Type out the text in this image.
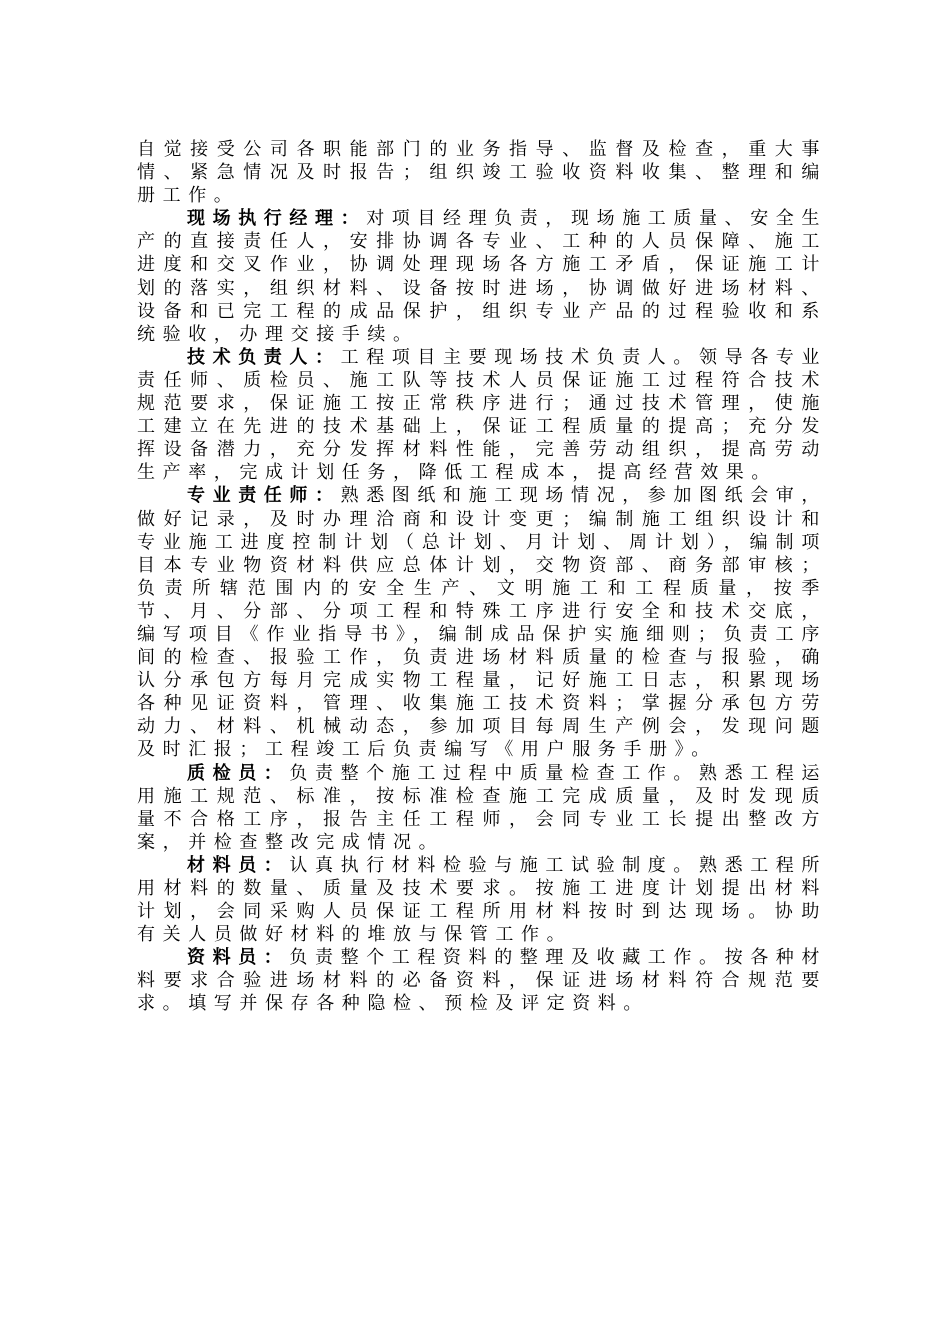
自觉接受公司各职能部门的业务指导、监督及检查，重大事情、紧急情况及时报告；组织竣工验收资料收集、整理和编册工作。

现场执行经理：对项目经理负责，现场施工质量、安全生产的直接责任人，安排协调各专业、工种的人员保障、施工进度和交叉作业，协调处理现场各方施工矛盾，保证施工计划的落实，组织材料、设备按时进场，协调做好进场材料、设备和已完工程的成品保护，组织专业产品的过程验收和系统验收，办理交接手续。

技术负责人：工程项目主要现场技术负责人。领导各专业责任师、质检员、施工队等技术人员保证施工过程符合技术规范要求，保证施工按正常秩序进行；通过技术管理，使施工建立在先进的技术基础上，保证工程质量的提高；充分发挥设备潜力，充分发挥材料性能，完善劳动组织，提高劳动生产率，完成计划任务，降低工程成本，提高经营效果。

专业责任师：熟悉图纸和施工现场情况，参加图纸会审，做好记录，及时办理洽商和设计变更；编制施工组织设计和专业施工进度控制计划（总计划、月计划、周计划），编制项目本专业物资材料供应总体计划，交物资部、商务部审核；负责所辖范围内的安全生产、文明施工和工程质量，按季节、月、分部、分项工程和特殊工序进行安全和技术交底，编写项目《作业指导书》，编制成品保护实施细则；负责工序间的检查、报验工作，负责进场材料质量的检查与报验，确认分承包方每月完成实物工程量，记好施工日志，积累现场各种见证资料，管理、收集施工技术资料；掌握分承包方劳动力、材料、机械动态，参加项目每周生产例会，发现问题及时汇报；工程竣工后负责编写《用户服务手册》。

质检员：负责整个施工过程中质量检查工作。熟悉工程运用施工规范、标准，按标准检查施工完成质量，及时发现质量不合格工序，报告主任工程师，会同专业工长提出整改方案，并检查整改完成情况。

材料员：认真执行材料检验与施工试验制度。熟悉工程所用材料的数量、质量及技术要求。按施工进度计划提出材料计划，会同采购人员保证工程所用材料按时到达现场。协助有关人员做好材料的堆放与保管工作。

资料员：负责整个工程资料的整理及收藏工作。按各种材料要求合验进场材料的必备资料，保证进场材料符合规范要求。填写并保存各种隐检、预检及评定资料。
